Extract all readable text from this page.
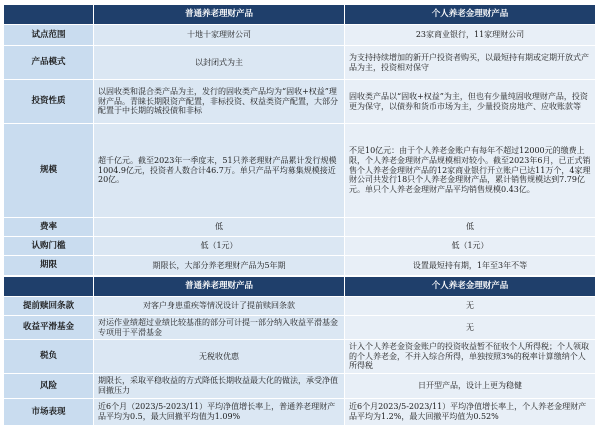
	普通养老理财产品	个人养老金理财产品
试点范围	十地十家理财公司	23家商业银行，11家理财公司
产品模式	以封闭式为主	为支持持续增加的新开户投资者购买，以最短持有期或定期开放式产品为主，投资相对保守
投资性质	以固收类和混合类产品为主，发行的固收类产品均为“固收+权益”理财产品。青睐长期限资产配置，非标投资、权益类资产配置，大部分配置于中长期的城投债和非标	固收类产品以“固收+权益”为主，但也有少量纯固收理财产品，投资更为保守，以债券和货币市场为主，少量投资房地产、应收账款等
规模	超千亿元。截至2023年一季度末，51只养老理财产品累计发行规模1004.9亿元，投资者人数合计46.7万。单只产品平均募集规模接近20亿。	不足10亿元：由于个人养老金账户有每年不超过12000元的缴费上限，个人养老金理财产品规模相对较小。截至2023年6月，已正式销售个人养老金理财产品的12家商业银行开立账户已达11万个，4家理财公司共发行18只个人养老金理财产品，累计销售规模达到7.79亿元。单只个人养老金理财产品平均销售规模0.43亿。
费率	低	低
认购门槛	低（1元）	低（1元）
期限	期限长，大部分养老理财产品为5年期	设置最短持有期，1年至3年不等
	普通养老理财产品	个人养老金理财产品
提前赎回条款	对客户身患重疾等情况设计了提前赎回条款	无
收益平滑基金	对运作业绩超过业绩比较基准的部分可计提一部分纳入收益平滑基金专项用于平滑基金	无
税负	无税收优惠	计入个人养老金资金账户的投资收益暂不征收个人所得税；个人领取的个人养老金，不并入综合所得，单独按照3%的税率计算缴纳个人所得税
风险	期限长，采取平稳收益的方式降低长期收益最大化的做法，承受净值回撤压力	日开型产品，设计上更为稳健
市场表现	近6个月（2023/5-2023/11）平均净值增长率上，普通养老理财产品平均为0.5，最大回撤平均值为1.09%	近6个月2023/5-2023/11）平均净值增长率上，个人养老金理财产品平均为1.2%，最大回撤平均值为0.52%
